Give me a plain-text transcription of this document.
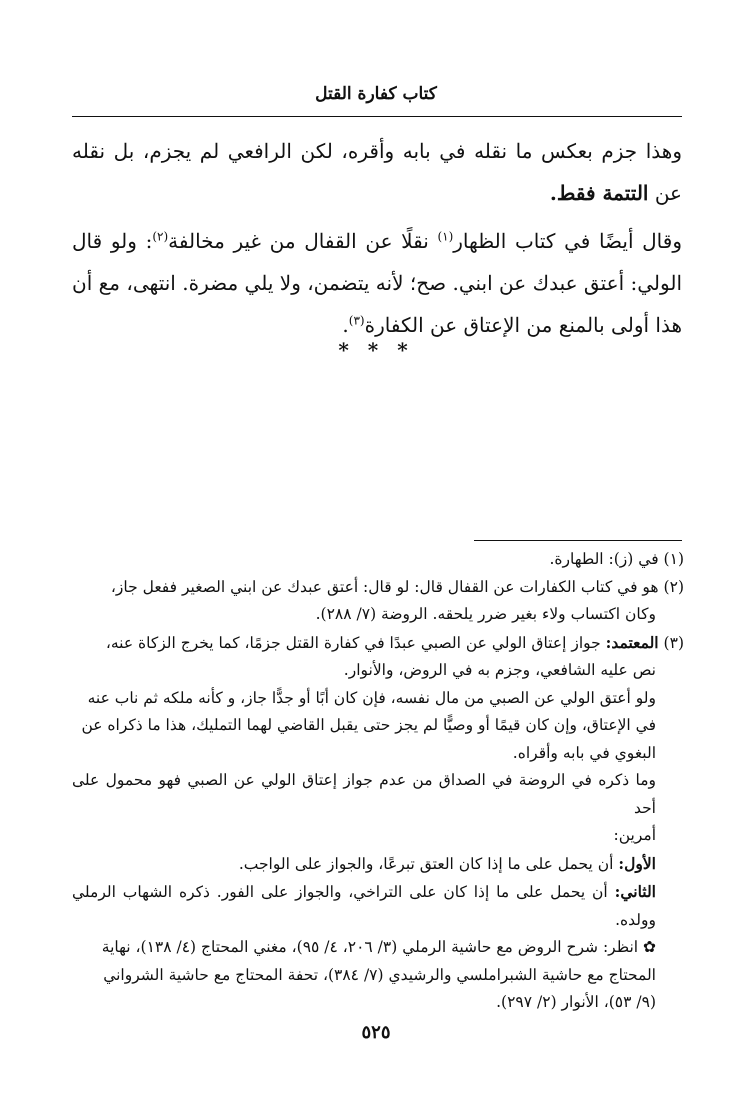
كتاب كفارة القتل

وهذا جزم بعكس ما نقله في بابه وأقره، لكن الرافعي لم يجزم، بل نقله عن التتمة فقط.

وقال أيضًا في كتاب الظهار$^{(١)}$ نقلًا عن القفال من غير مخالفة$^{(٢)}$: ولو قال الولي: أعتق عبدك عن ابني. صح؛ لأنه يتضمن، ولا يلي مضرة. انتهى، مع أن هذا أولى بالمنع من الإعتاق عن الكفارة$^{(٣)}$.

* * *

(١) في (ز): الطهارة.

(٢) هو في كتاب الكفارات عن القفال قال: لو قال: أعتق عبدك عن ابني الصغير ففعل جاز،

وكان اكتساب ولاء بغير ضرر يلحقه. الروضة (٧/ ٢٨٨).

(٣) المعتمد: جواز إعتاق الولي عن الصبي عبدًا في كفارة القتل جزمًا، كما يخرج الزكاة عنه،

نص عليه الشافعي، وجزم به في الروض، والأنوار.

ولو أعتق الولي عن الصبي من مال نفسه، فإن كان أبًا أو جدًّا جاز، و كأنه ملكه ثم ناب عنه

في الإعتاق، وإن كان قيمًا أو وصيًّا لم يجز حتى يقبل القاضي لهما التمليك، هذا ما ذكراه عن

البغوي في بابه وأقراه.

وما ذكره في الروضة في الصداق من عدم جواز إعتاق الولي عن الصبي فهو محمول على أحد

أمرين:

الأول: أن يحمل على ما إذا كان العتق تبرعًا، والجواز على الواجب.

الثاني: أن يحمل على ما إذا كان على التراخي، والجواز على الفور. ذكره الشهاب الرملي وولده.

✿ انظر: شرح الروض مع حاشية الرملي (٣/ ٢٠٦، ٤/ ٩٥)، مغني المحتاج (٤/ ١٣٨)، نهاية

المحتاج مع حاشية الشبراملسي والرشيدي (٧/ ٣٨٤)، تحفة المحتاج مع حاشية الشرواني

(٩/ ٥٣)، الأنوار (٢/ ٢٩٧).

٥٢٥
